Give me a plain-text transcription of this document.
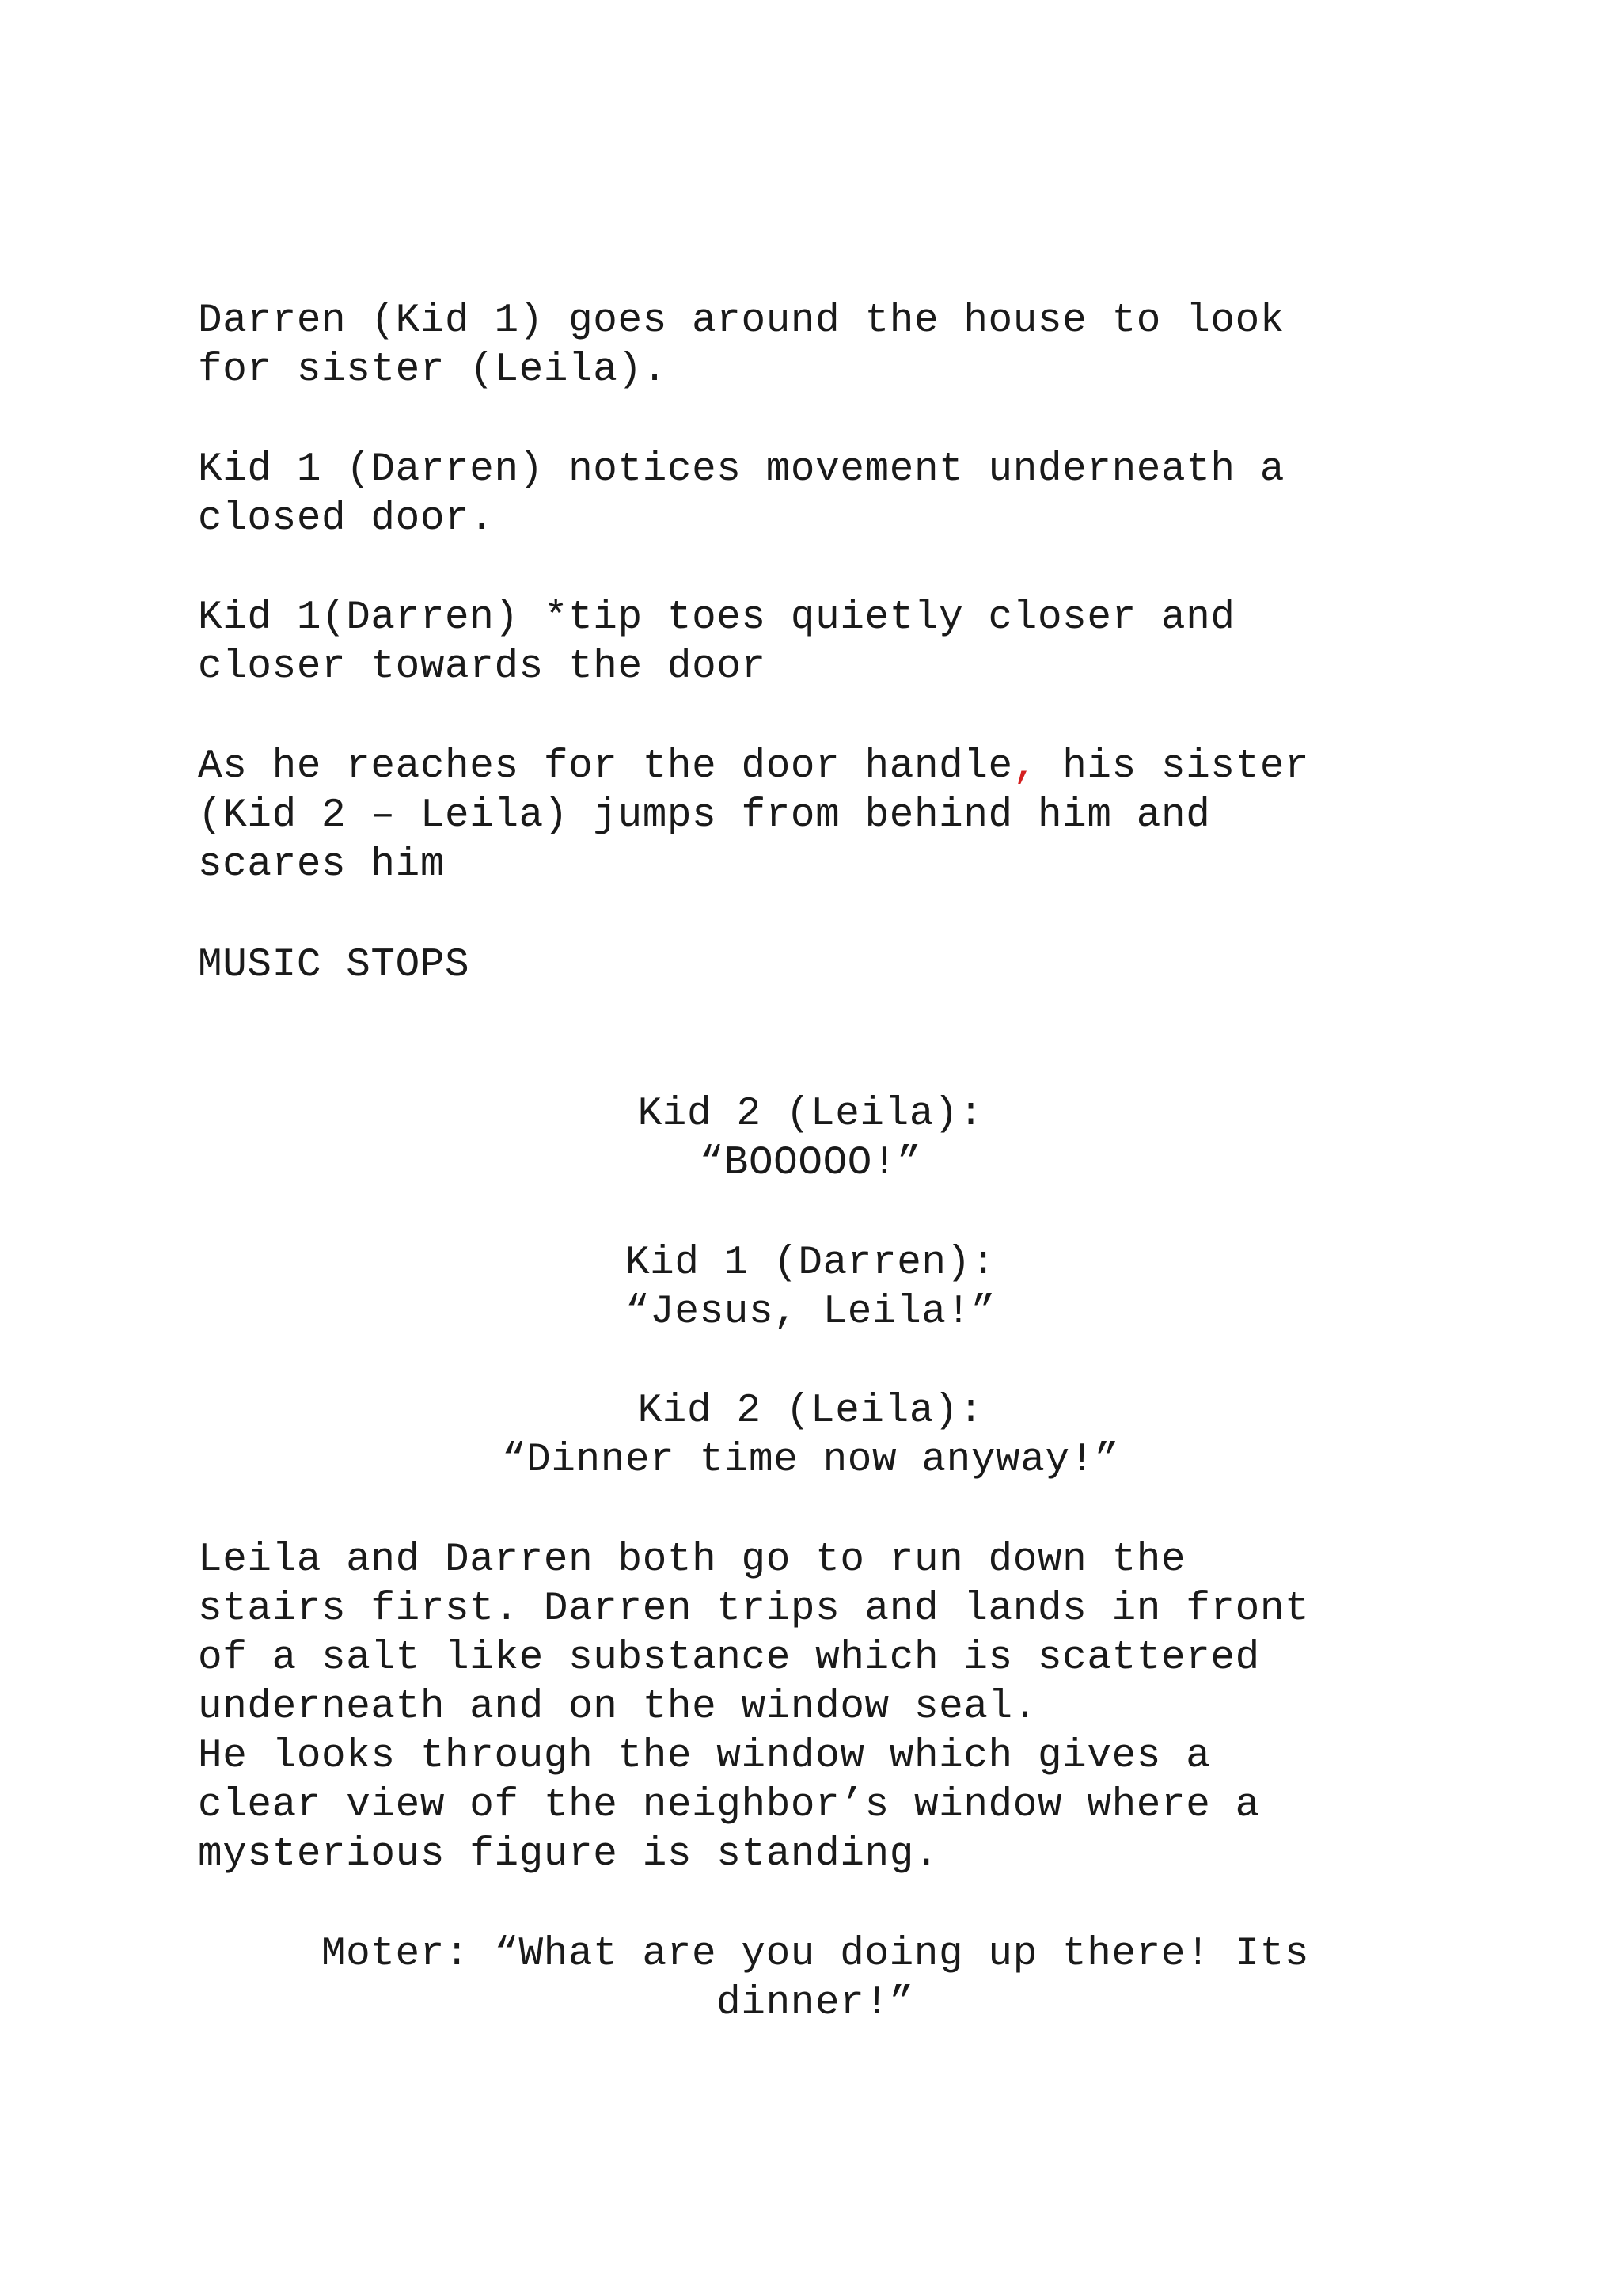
Darren (Kid 1) goes around the house to look
for sister (Leila).

Kid 1 (Darren) notices movement underneath a
closed door.

Kid 1(Darren) *tip toes quietly closer and
closer towards the door

As he reaches for the door handle, his sister
(Kid 2 – Leila) jumps from behind him and
scares him

MUSIC STOPS

Kid 2 (Leila):
“BOOOOO!”
Kid 1 (Darren):
“Jesus, Leila!”
Kid 2 (Leila):
“Dinner time now anyway!”

Leila and Darren both go to run down the
stairs first. Darren trips and lands in front
of a salt like substance which is scattered
underneath and on the window seal.
He looks through the window which gives a
clear view of the neighbor’s window where a
mysterious figure is standing.

Moter: “What are you doing up there! Its
dinner!”
